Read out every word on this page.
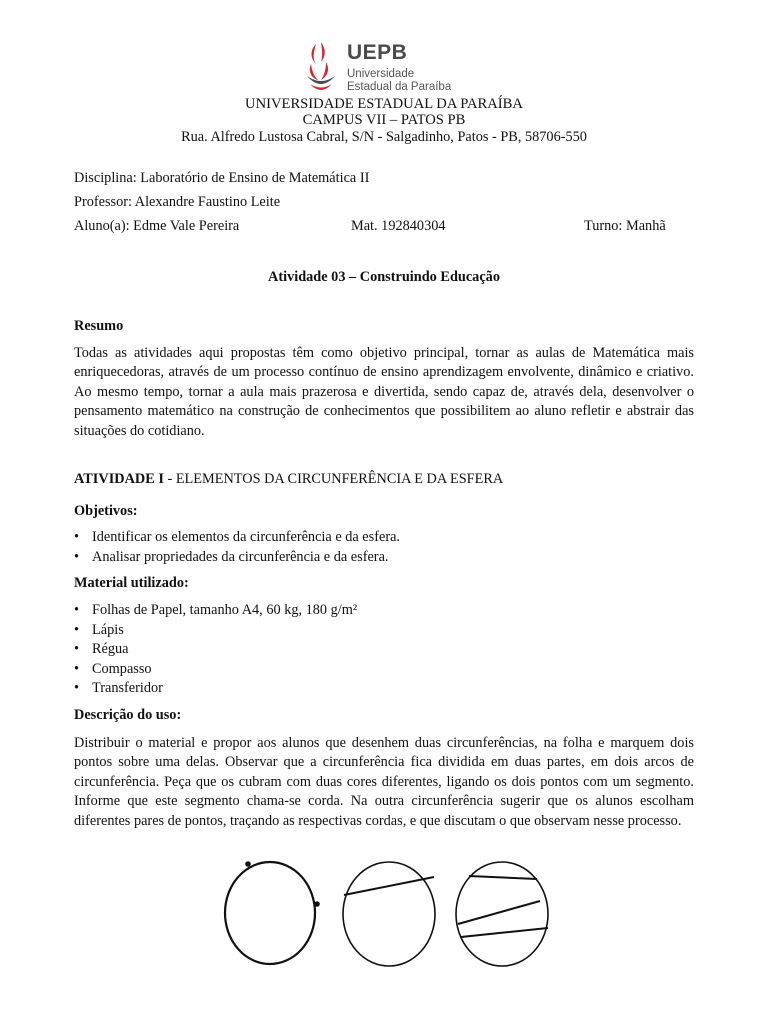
UEPB
Universidade
Estadual da Paraíba
UNIVERSIDADE ESTADUAL DA PARAÍBA
CAMPUS VII – PATOS PB
Rua. Alfredo Lustosa Cabral, S/N - Salgadinho, Patos - PB, 58706-550
Disciplina: Laboratório de Ensino de Matemática II
Professor: Alexandre Faustino Leite
Aluno(a): Edme Vale Pereira	Mat. 192840304	Turno: Manhã
Atividade 03 – Construindo Educação
Resumo
Todas as atividades aqui propostas têm como objetivo principal, tornar as aulas de Matemática mais enriquecedoras, através de um processo contínuo de ensino aprendizagem envolvente, dinâmico e criativo. Ao mesmo tempo, tornar a aula mais prazerosa e divertida, sendo capaz de, através dela, desenvolver o pensamento matemático na construção de conhecimentos que possibilitem ao aluno refletir e abstrair das situações do cotidiano.
ATIVIDADE I - ELEMENTOS DA CIRCUNFERÊNCIA E DA ESFERA
Objetivos:
• Identificar os elementos da circunferência e da esfera.
• Analisar propriedades da circunferência e da esfera.
Material utilizado:
• Folhas de Papel, tamanho A4, 60 kg, 180 g/m²
• Lápis
• Régua
• Compasso
• Transferidor
Descrição do uso:
Distribuir o material e propor aos alunos que desenhem duas circunferências, na folha e marquem dois pontos sobre uma delas. Observar que a circunferência fica dividida em duas partes, em dois arcos de circunferência. Peça que os cubram com duas cores diferentes, ligando os dois pontos com um segmento. Informe que este segmento chama-se corda. Na outra circunferência sugerir que os alunos escolham diferentes pares de pontos, traçando as respectivas cordas, e que discutam o que observam nesse processo.
